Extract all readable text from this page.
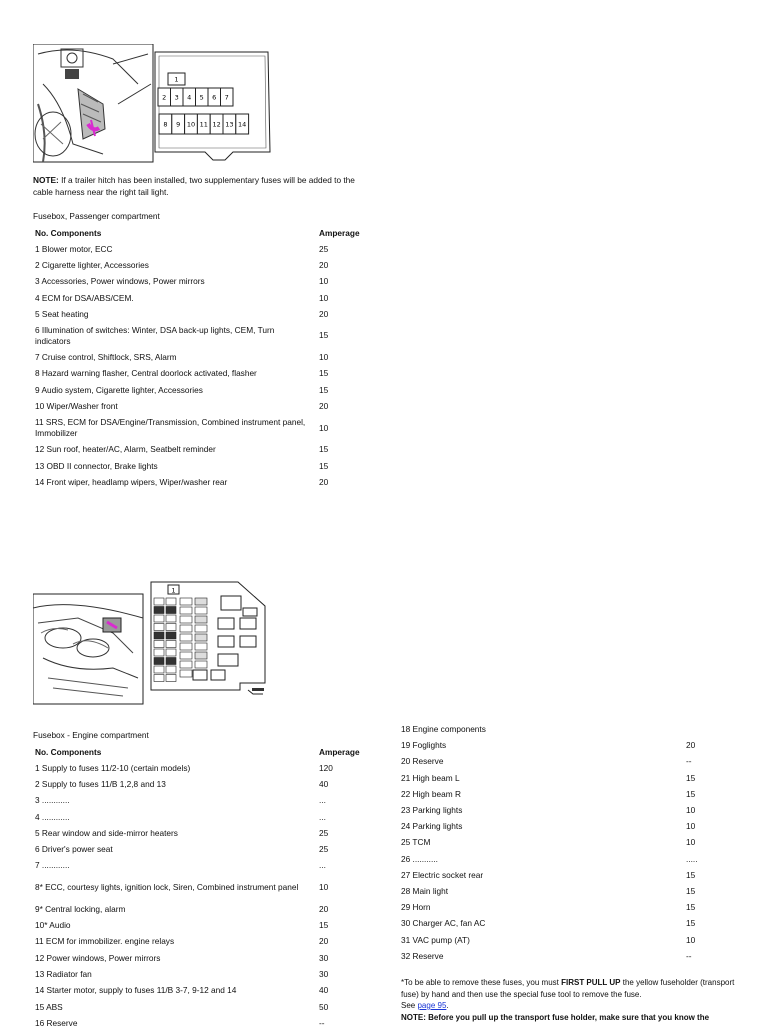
1
2 3 4 5 6 7
8 9 10 11 12 13 14

NOTE: If a trailer hitch has been installed, two supplementary fuses will be added to the cable harness near the right tail light.

Fusebox, Passenger compartment
No. Components	Amperage
1 Blower motor, ECC	25
2 Cigarette lighter, Accessories	20
3 Accessories, Power windows, Power mirrors	10
4 ECM for DSA/ABS/CEM.	10
5 Seat heating	20
6 Illumination of switches: Winter, DSA back-up lights, CEM, Turn indicators	15
7 Cruise control, Shiftlock, SRS, Alarm	10
8 Hazard warning flasher, Central doorlock activated, flasher	15
9 Audio system, Cigarette lighter, Accessories	15
10 Wiper/Washer front	20
11 SRS, ECM for DSA/Engine/Transmission, Combined instrument panel, Immobilizer	10
12 Sun roof, heater/AC, Alarm, Seatbelt reminder	15
13 OBD II connector, Brake lights	15
14 Front wiper, headlamp wipers, Wiper/washer rear	20
1
Fusebox - Engine compartment
No. Components	Amperage
1 Supply to fuses 11/2-10 (certain models)	120
2 Supply to fuses 11/B 1,2,8 and 13	40
3 ............	...
4 ............	...
5 Rear window and side-mirror heaters	25
6 Driver's power seat	25
7 ............	...
8* ECC, courtesy lights, ignition lock, Siren, Combined instrument panel	10
9* Central locking, alarm	20
10* Audio	15
11 ECM for immobilizer. engine relays	20
12 Power windows, Power mirrors	30
13 Radiator fan	30
14 Starter motor, supply to fuses 11/B 3-7, 9-12 and 14	40
15 ABS	50
16 Reserve	--
18 Engine components
19 Foglights	20
20 Reserve	--
21 High beam L	15
22 High beam R	15
23 Parking lights	10
24 Parking lights	10
25 TCM	10
26 ...........	.....
27 Electric socket rear	15
28 Main light	15
29 Horn	15
30 Charger AC, fan AC	15
31 VAC pump (AT)	10
32 Reserve	--
*To be able to remove these fuses, you must FIRST PULL UP the yellow fuseholder (transport fuse) by hand and then use the special fuse tool to remove the fuse.
See page 95.
NOTE: Before you pull up the transport fuse holder, make sure that you know the
